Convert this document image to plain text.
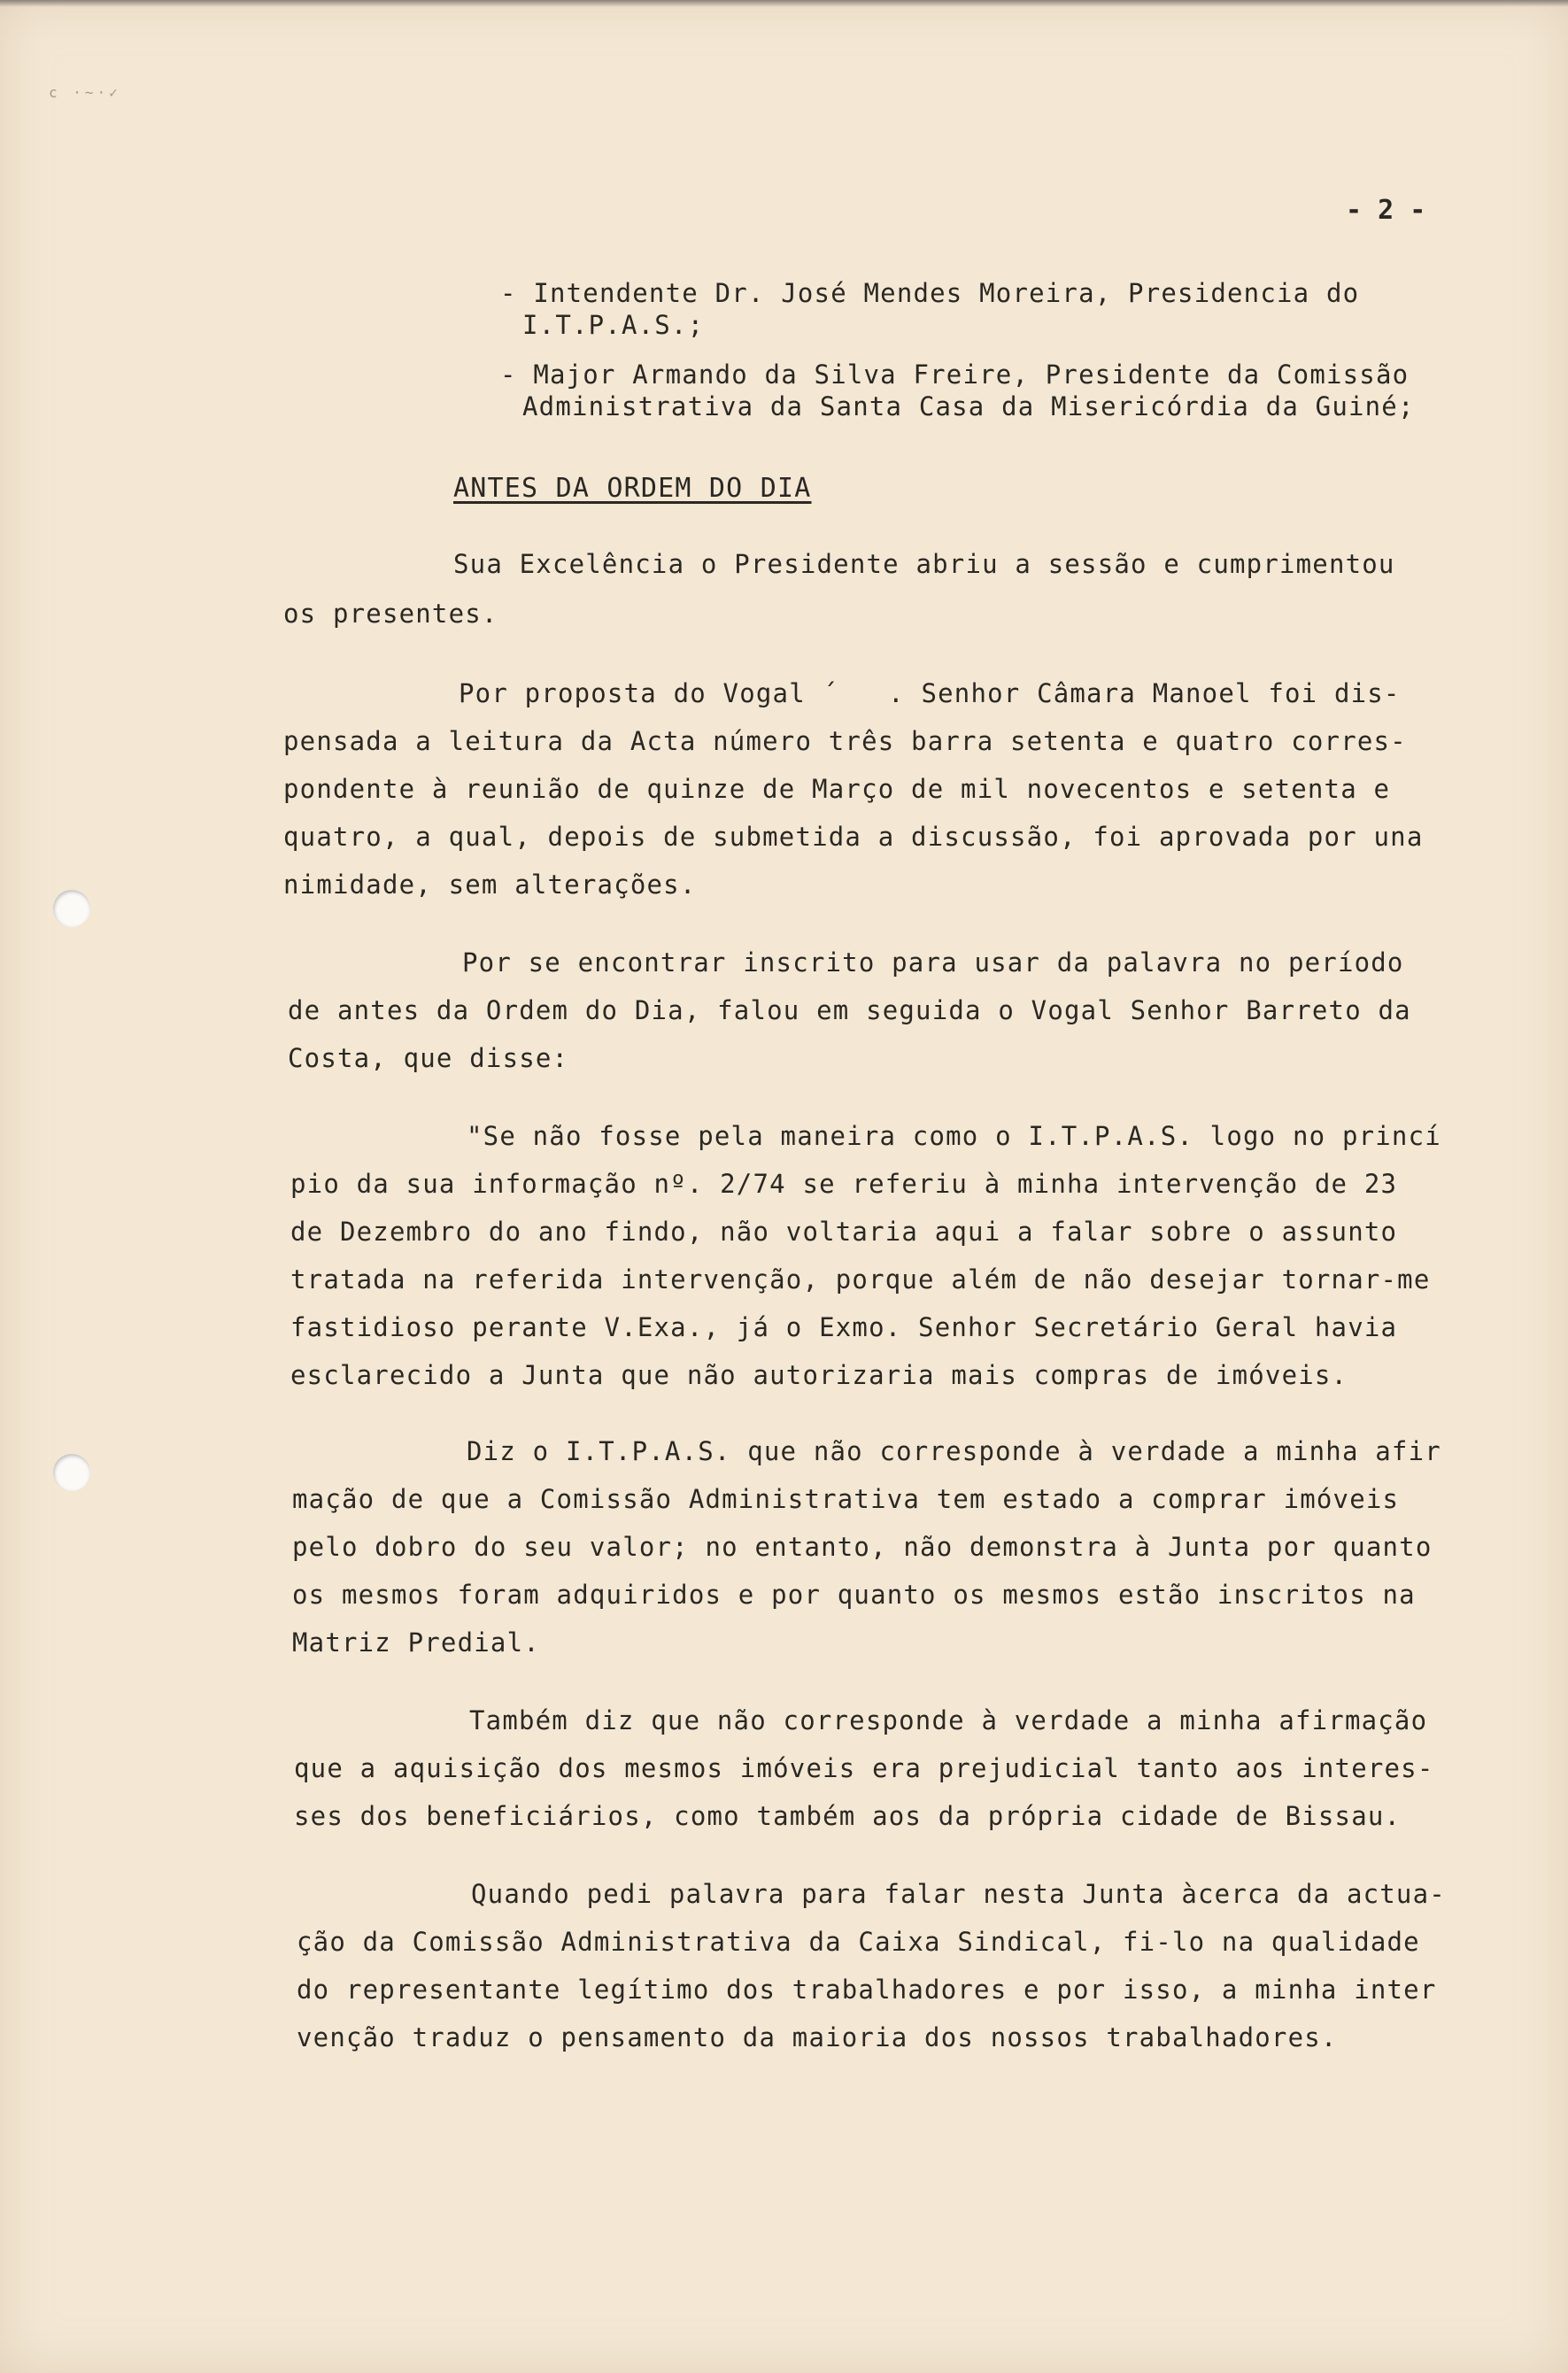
c ·~·✓
- 2 -
- Intendente Dr. José Mendes Moreira, Presidencia do
I.T.P.A.S.;
- Major Armando da Silva Freire, Presidente da Comissão
Administrativa da Santa Casa da Misericórdia da Guiné;
ANTES DA ORDEM DO DIA
Sua Excelência o Presidente abriu a sessão e cumprimentou
os presentes.
Por proposta do Vogal ´   . Senhor Câmara Manoel foi dis-
pensada a leitura da Acta número três barra setenta e quatro corres-
pondente à reunião de quinze de Março de mil novecentos e setenta e
quatro, a qual, depois de submetida a discussão, foi aprovada por una
nimidade, sem alterações.
Por se encontrar inscrito para usar da palavra no período
de antes da Ordem do Dia, falou em seguida o Vogal Senhor Barreto da
Costa, que disse:
"Se não fosse pela maneira como o I.T.P.A.S. logo no princí
pio da sua informação nº. 2/74 se referiu à minha intervenção de 23
de Dezembro do ano findo, não voltaria aqui a falar sobre o assunto
tratada na referida intervenção, porque além de não desejar tornar-me
fastidioso perante V.Exa., já o Exmo. Senhor Secretário Geral havia
esclarecido a Junta que não autorizaria mais compras de imóveis.
Diz o I.T.P.A.S. que não corresponde à verdade a minha afir
mação de que a Comissão Administrativa tem estado a comprar imóveis
pelo dobro do seu valor; no entanto, não demonstra à Junta por quanto
os mesmos foram adquiridos e por quanto os mesmos estão inscritos na
Matriz Predial.
Também diz que não corresponde à verdade a minha afirmação
que a aquisição dos mesmos imóveis era prejudicial tanto aos interes-
ses dos beneficiários, como também aos da própria cidade de Bissau.
Quando pedi palavra para falar nesta Junta àcerca da actua-
ção da Comissão Administrativa da Caixa Sindical, fi-lo na qualidade
do representante legítimo dos trabalhadores e por isso, a minha inter
venção traduz o pensamento da maioria dos nossos trabalhadores.
